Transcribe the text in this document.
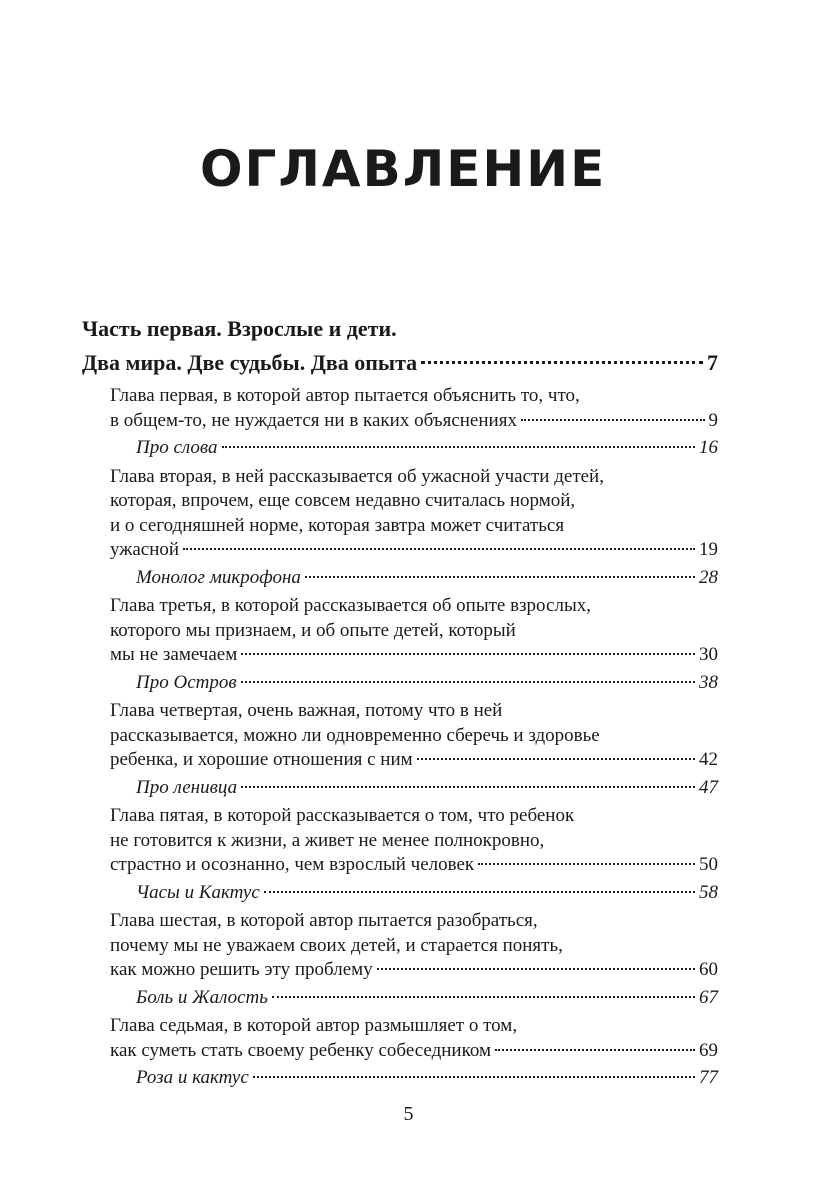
ОГЛАВЛЕНИЕ
Часть первая. Взрослые и дети.
Два мира. Две судьбы. Два опыта	7
Глава первая, в которой автор пытается объяснить то, что,
в общем-то, не нуждается ни в каких объяснениях	9
Про слова	16
Глава вторая, в ней рассказывается об ужасной участи детей,
которая, впрочем, еще совсем недавно считалась нормой,
и о сегодняшней норме, которая завтра может считаться
ужасной	19
Монолог микрофона	28
Глава третья, в которой рассказывается об опыте взрослых,
которого мы признаем, и об опыте детей, который
мы не замечаем	30
Про Остров	38
Глава четвертая, очень важная, потому что в ней
рассказывается, можно ли одновременно сберечь и здоровье
ребенка, и хорошие отношения с ним	42
Про ленивца	47
Глава пятая, в которой рассказывается о том, что ребенок
не готовится к жизни, а живет не менее полнокровно,
страстно и осознанно, чем взрослый человек	50
Часы и Кактус	58
Глава шестая, в которой автор пытается разобраться,
почему мы не уважаем своих детей, и старается понять,
как можно решить эту проблему	60
Боль и Жалость	67
Глава седьмая, в которой автор размышляет о том,
как суметь стать своему ребенку собеседником	69
Роза и кактус	77
5
